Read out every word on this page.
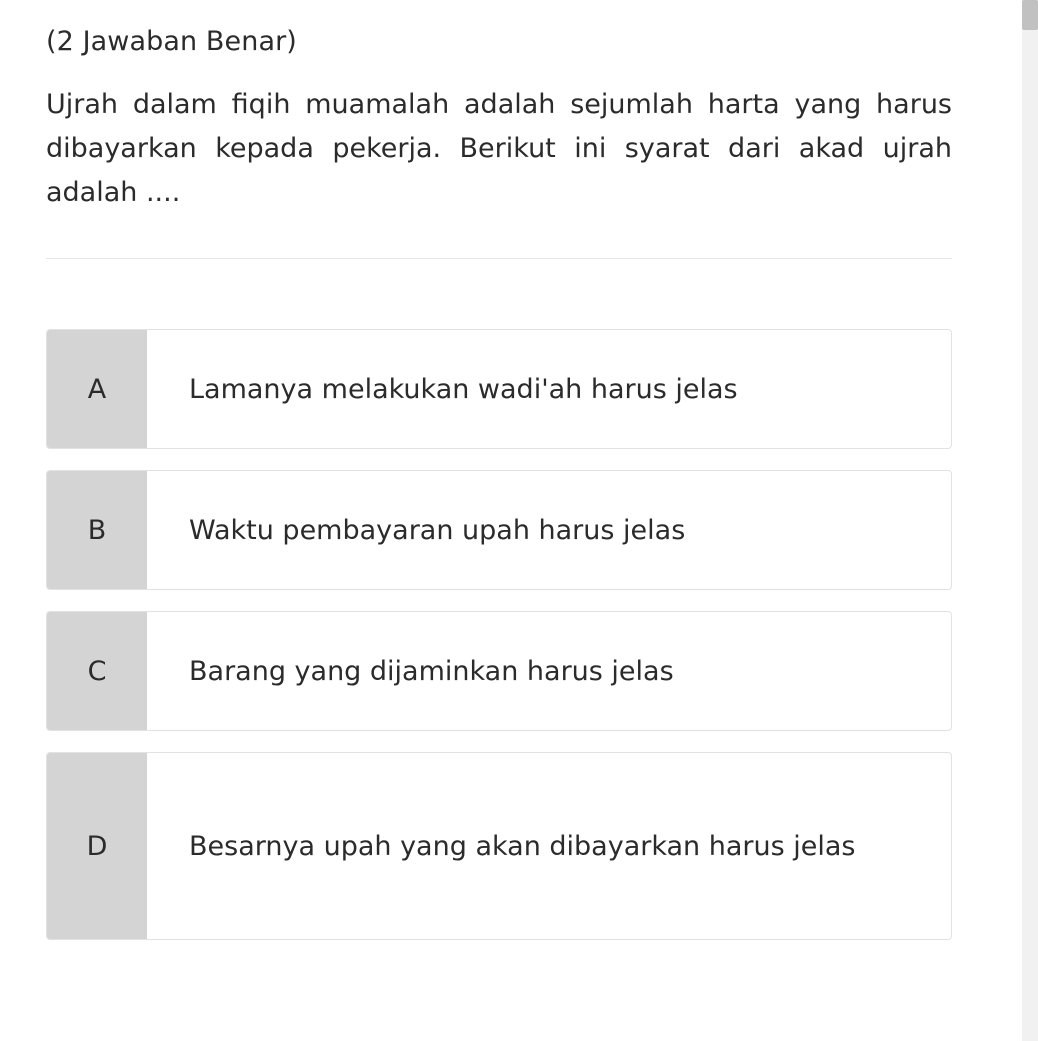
(2 Jawaban Benar)
Ujrah dalam fiqih muamalah adalah sejumlah harta yang harus dibayarkan kepada pekerja. Berikut ini syarat dari akad ujrah adalah ....
A	Lamanya melakukan wadi'ah harus jelas
B	Waktu pembayaran upah harus jelas
C	Barang yang dijaminkan harus jelas
D	Besarnya upah yang akan dibayarkan harus jelas
